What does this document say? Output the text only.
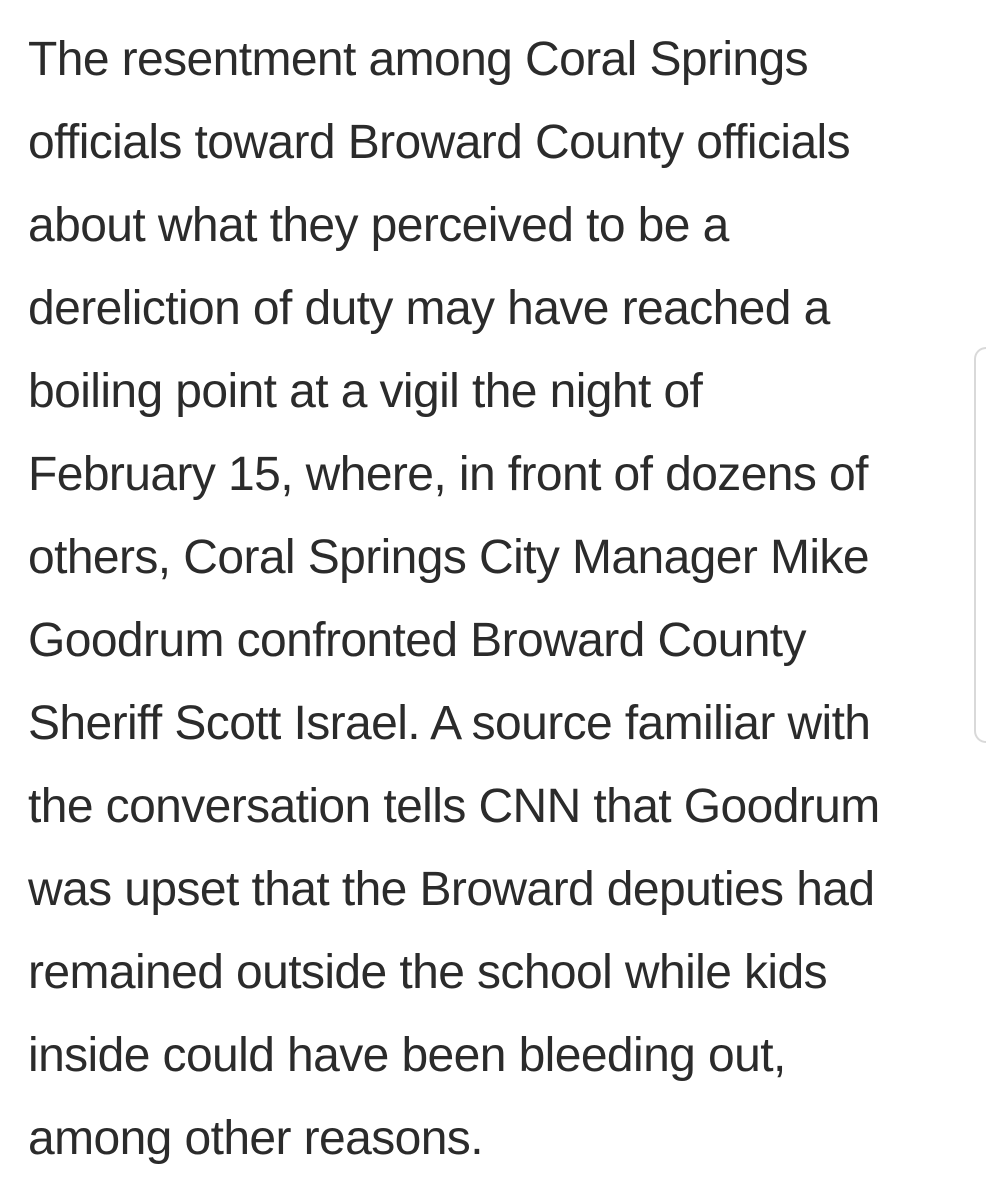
The resentment among Coral Springs
officials toward Broward County officials
about what they perceived to be a
dereliction of duty may have reached a
boiling point at a vigil the night of
February 15, where, in front of dozens of
others, Coral Springs City Manager Mike
Goodrum confronted Broward County
Sheriff Scott Israel. A source familiar with
the conversation tells CNN that Goodrum
was upset that the Broward deputies had
remained outside the school while kids
inside could have been bleeding out,
among other reasons.
